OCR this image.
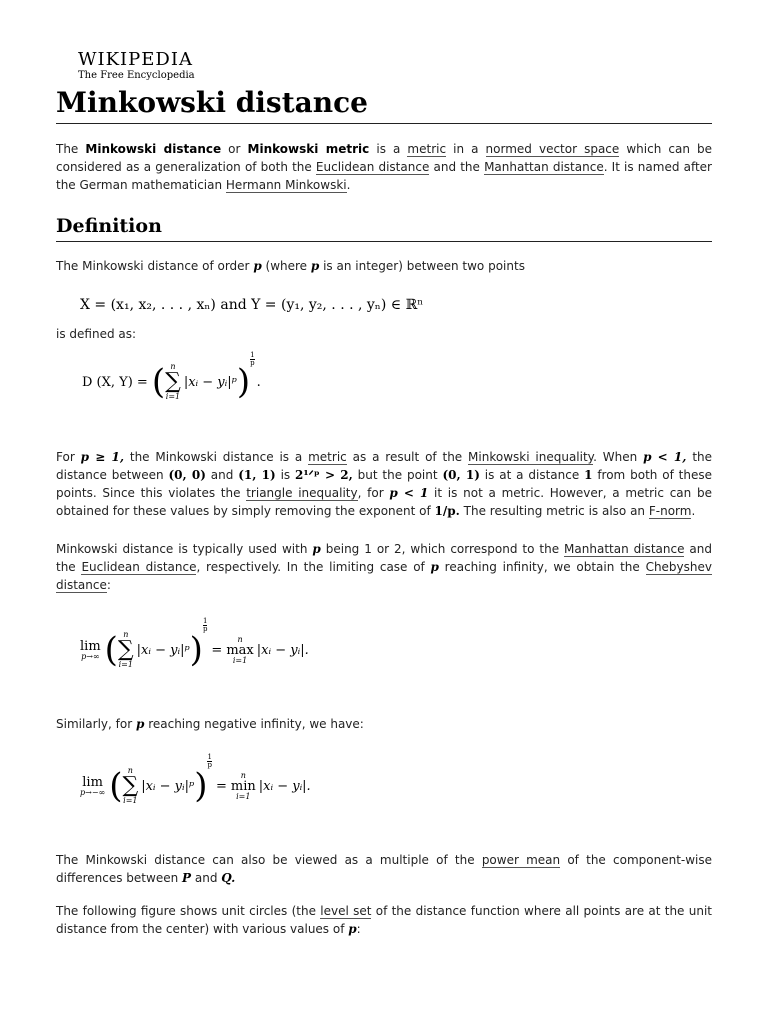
WIKIPEDIA
The Free Encyclopedia
Minkowski distance

The Minkowski distance or Minkowski metric is a metric in a normed vector space which can be
considered as a generalization of both the Euclidean distance and the Manhattan distance. It is named after
the German mathematician Hermann Minkowski.

Definition

The Minkowski distance of order p (where p is an integer) between two points

X = (x₁, x₂, . . . , xₙ) and Y = (y₁, y₂, . . . , yₙ) ∈ ℝⁿ

is defined as:

D (X, Y) = ( n
∑
i=1
|xᵢ − yᵢ|ᵖ )
$\frac{1}{p}$
.

For p ≥ 1, the Minkowski distance is a metric as a result of the Minkowski inequality. When p < 1, the
distance between (0, 0) and (1, 1) is 2¹ᐟᵖ > 2, but the point (0, 1) is at a distance 1 from both of these
points. Since this violates the triangle inequality, for p < 1 it is not a metric. However, a metric can be
obtained for these values by simply removing the exponent of 1/p. The resulting metric is also an F-norm.

Minkowski distance is typically used with p being 1 or 2, which correspond to the Manhattan distance and
the Euclidean distance, respectively. In the limiting case of p reaching infinity, we obtain the Chebyshev
distance:

lim
p→∞ ( n
∑
i=1
|xᵢ − yᵢ|ᵖ )
$\frac{1}{p}$
=
n
max
i=1
|xᵢ − yᵢ|.

Similarly, for p reaching negative infinity, we have:

lim
p→−∞ ( n
∑
i=1
|xᵢ − yᵢ|ᵖ )
$\frac{1}{p}$
=
n
min
i=1
|xᵢ − yᵢ|.

The Minkowski distance can also be viewed as a multiple of the power mean of the component-wise
differences between P and Q.

The following figure shows unit circles (the level set of the distance function where all points are at the unit
distance from the center) with various values of p:
